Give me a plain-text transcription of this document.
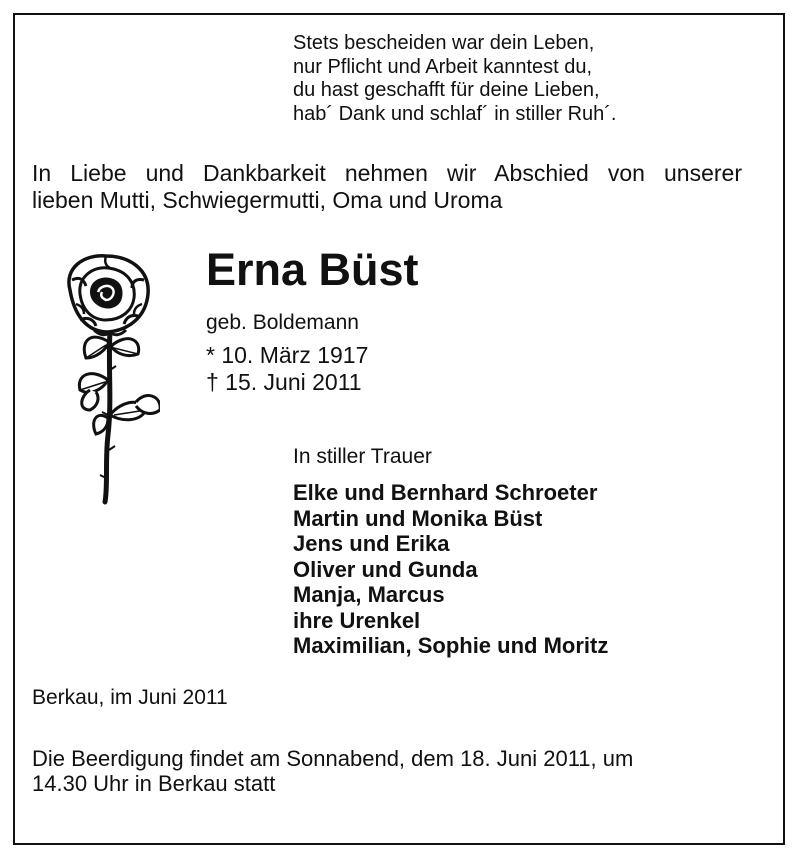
Stets bescheiden war dein Leben,
nur Pflicht und Arbeit kanntest du,
du hast geschafft für deine Lieben,
hab´ Dank und schlaf´ in stiller Ruh´.
In Liebe und Dankbarkeit nehmen wir Abschied von unserer
lieben Mutti, Schwiegermutti, Oma und Uroma
Erna Büst
geb. Boldemann
* 10. März 1917
† 15. Juni 2011
In stiller Trauer
Elke und Bernhard Schroeter
Martin und Monika Büst
Jens und Erika
Oliver und Gunda
Manja, Marcus
ihre Urenkel
Maximilian, Sophie und Moritz
Berkau, im Juni 2011
Die Beerdigung findet am Sonnabend, dem 18. Juni 2011, um
14.30 Uhr in Berkau statt
